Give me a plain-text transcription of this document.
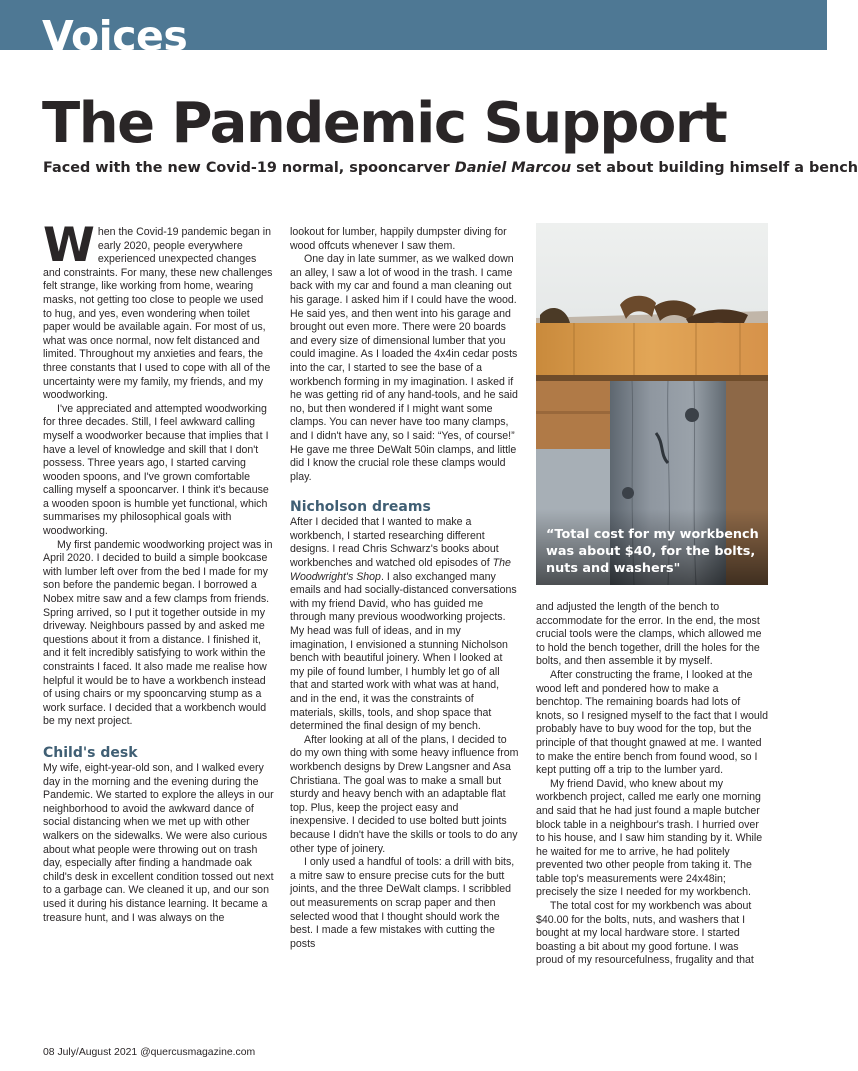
Voices
The Pandemic Support
Faced with the new Covid-19 normal, spooncarver Daniel Marcou set about building himself a bench

When the Covid-19 pandemic began in early 2020, people everywhere experienced unexpected changes and constraints. For many, these new challenges felt strange, like working from home, wearing masks, not getting too close to people we used to hug, and yes, even wondering when toilet paper would be available again. For most of us, what was once normal, now felt distanced and limited. Throughout my anxieties and fears, the three constants that I used to cope with all of the uncertainty were my family, my friends, and my woodworking.

I've appreciated and attempted woodworking for three decades. Still, I feel awkward calling myself a woodworker because that implies that I have a level of knowledge and skill that I don't possess. Three years ago, I started carving wooden spoons, and I've grown comfortable calling myself a spooncarver. I think it's because a wooden spoon is humble yet functional, which summarises my philosophical goals with woodworking.

My first pandemic woodworking project was in April 2020. I decided to build a simple bookcase with lumber left over from the bed I made for my son before the pandemic began. I borrowed a Nobex mitre saw and a few clamps from friends. Spring arrived, so I put it together outside in my driveway. Neighbours passed by and asked me questions about it from a distance. I finished it, and it felt incredibly satisfying to work within the constraints I faced. It also made me realise how helpful it would be to have a workbench instead of using chairs or my spooncarving stump as a work surface. I decided that a workbench would be my next project.

Child's desk

My wife, eight-year-old son, and I walked every day in the morning and the evening during the Pandemic. We started to explore the alleys in our neighborhood to avoid the awkward dance of social distancing when we met up with other walkers on the sidewalks. We were also curious about what people were throwing out on trash day, especially after finding a handmade oak child's desk in excellent condition tossed out next to a garbage can. We cleaned it up, and our son used it during his distance learning. It became a treasure hunt, and I was always on the

lookout for lumber, happily dumpster diving for wood offcuts whenever I saw them.

One day in late summer, as we walked down an alley, I saw a lot of wood in the trash. I came back with my car and found a man cleaning out his garage. I asked him if I could have the wood. He said yes, and then went into his garage and brought out even more. There were 20 boards and every size of dimensional lumber that you could imagine. As I loaded the 4x4in cedar posts into the car, I started to see the base of a workbench forming in my imagination. I asked if he was getting rid of any hand-tools, and he said no, but then wondered if I might want some clamps. You can never have too many clamps, and I didn't have any, so I said: “Yes, of course!” He gave me three DeWalt 50in clamps, and little did I know the crucial role these clamps would play.

Nicholson dreams

After I decided that I wanted to make a workbench, I started researching different designs. I read Chris Schwarz's books about workbenches and watched old episodes of The Woodwright's Shop. I also exchanged many emails and had socially-distanced conversations with my friend David, who has guided me through many previous woodworking projects. My head was full of ideas, and in my imagination, I envisioned a stunning Nicholson bench with beautiful joinery. When I looked at my pile of found lumber, I humbly let go of all that and started work with what was at hand, and in the end, it was the constraints of materials, skills, tools, and shop space that determined the final design of my bench.

After looking at all of the plans, I decided to do my own thing with some heavy influence from workbench designs by Drew Langsner and Asa Christiana. The goal was to make a small but sturdy and heavy bench with an adaptable flat top. Plus, keep the project easy and inexpensive. I decided to use bolted butt joints because I didn't have the skills or tools to do any other type of joinery.

I only used a handful of tools: a drill with bits, a mitre saw to ensure precise cuts for the butt joints, and the three DeWalt clamps. I scribbled out measurements on scrap paper and then selected wood that I thought should work the best. I made a few mistakes with cutting the posts

“Total cost for my workbench was about $40, for the bolts, nuts and washers"

and adjusted the length of the bench to accommodate for the error. In the end, the most crucial tools were the clamps, which allowed me to hold the bench together, drill the holes for the bolts, and then assemble it by myself.

After constructing the frame, I looked at the wood left and pondered how to make a benchtop. The remaining boards had lots of knots, so I resigned myself to the fact that I would probably have to buy wood for the top, but the principle of that thought gnawed at me. I wanted to make the entire bench from found wood, so I kept putting off a trip to the lumber yard.

My friend David, who knew about my workbench project, called me early one morning and said that he had just found a maple butcher block table in a neighbour's trash. I hurried over to his house, and I saw him standing by it. While he waited for me to arrive, he had politely prevented two other people from taking it. The table top's measurements were 24x48in; precisely the size I needed for my workbench.

The total cost for my workbench was about $40.00 for the bolts, nuts, and washers that I bought at my local hardware store. I started boasting a bit about my good fortune. I was proud of my resourcefulness, frugality and that

08 July/August 2021 @quercusmagazine.com
